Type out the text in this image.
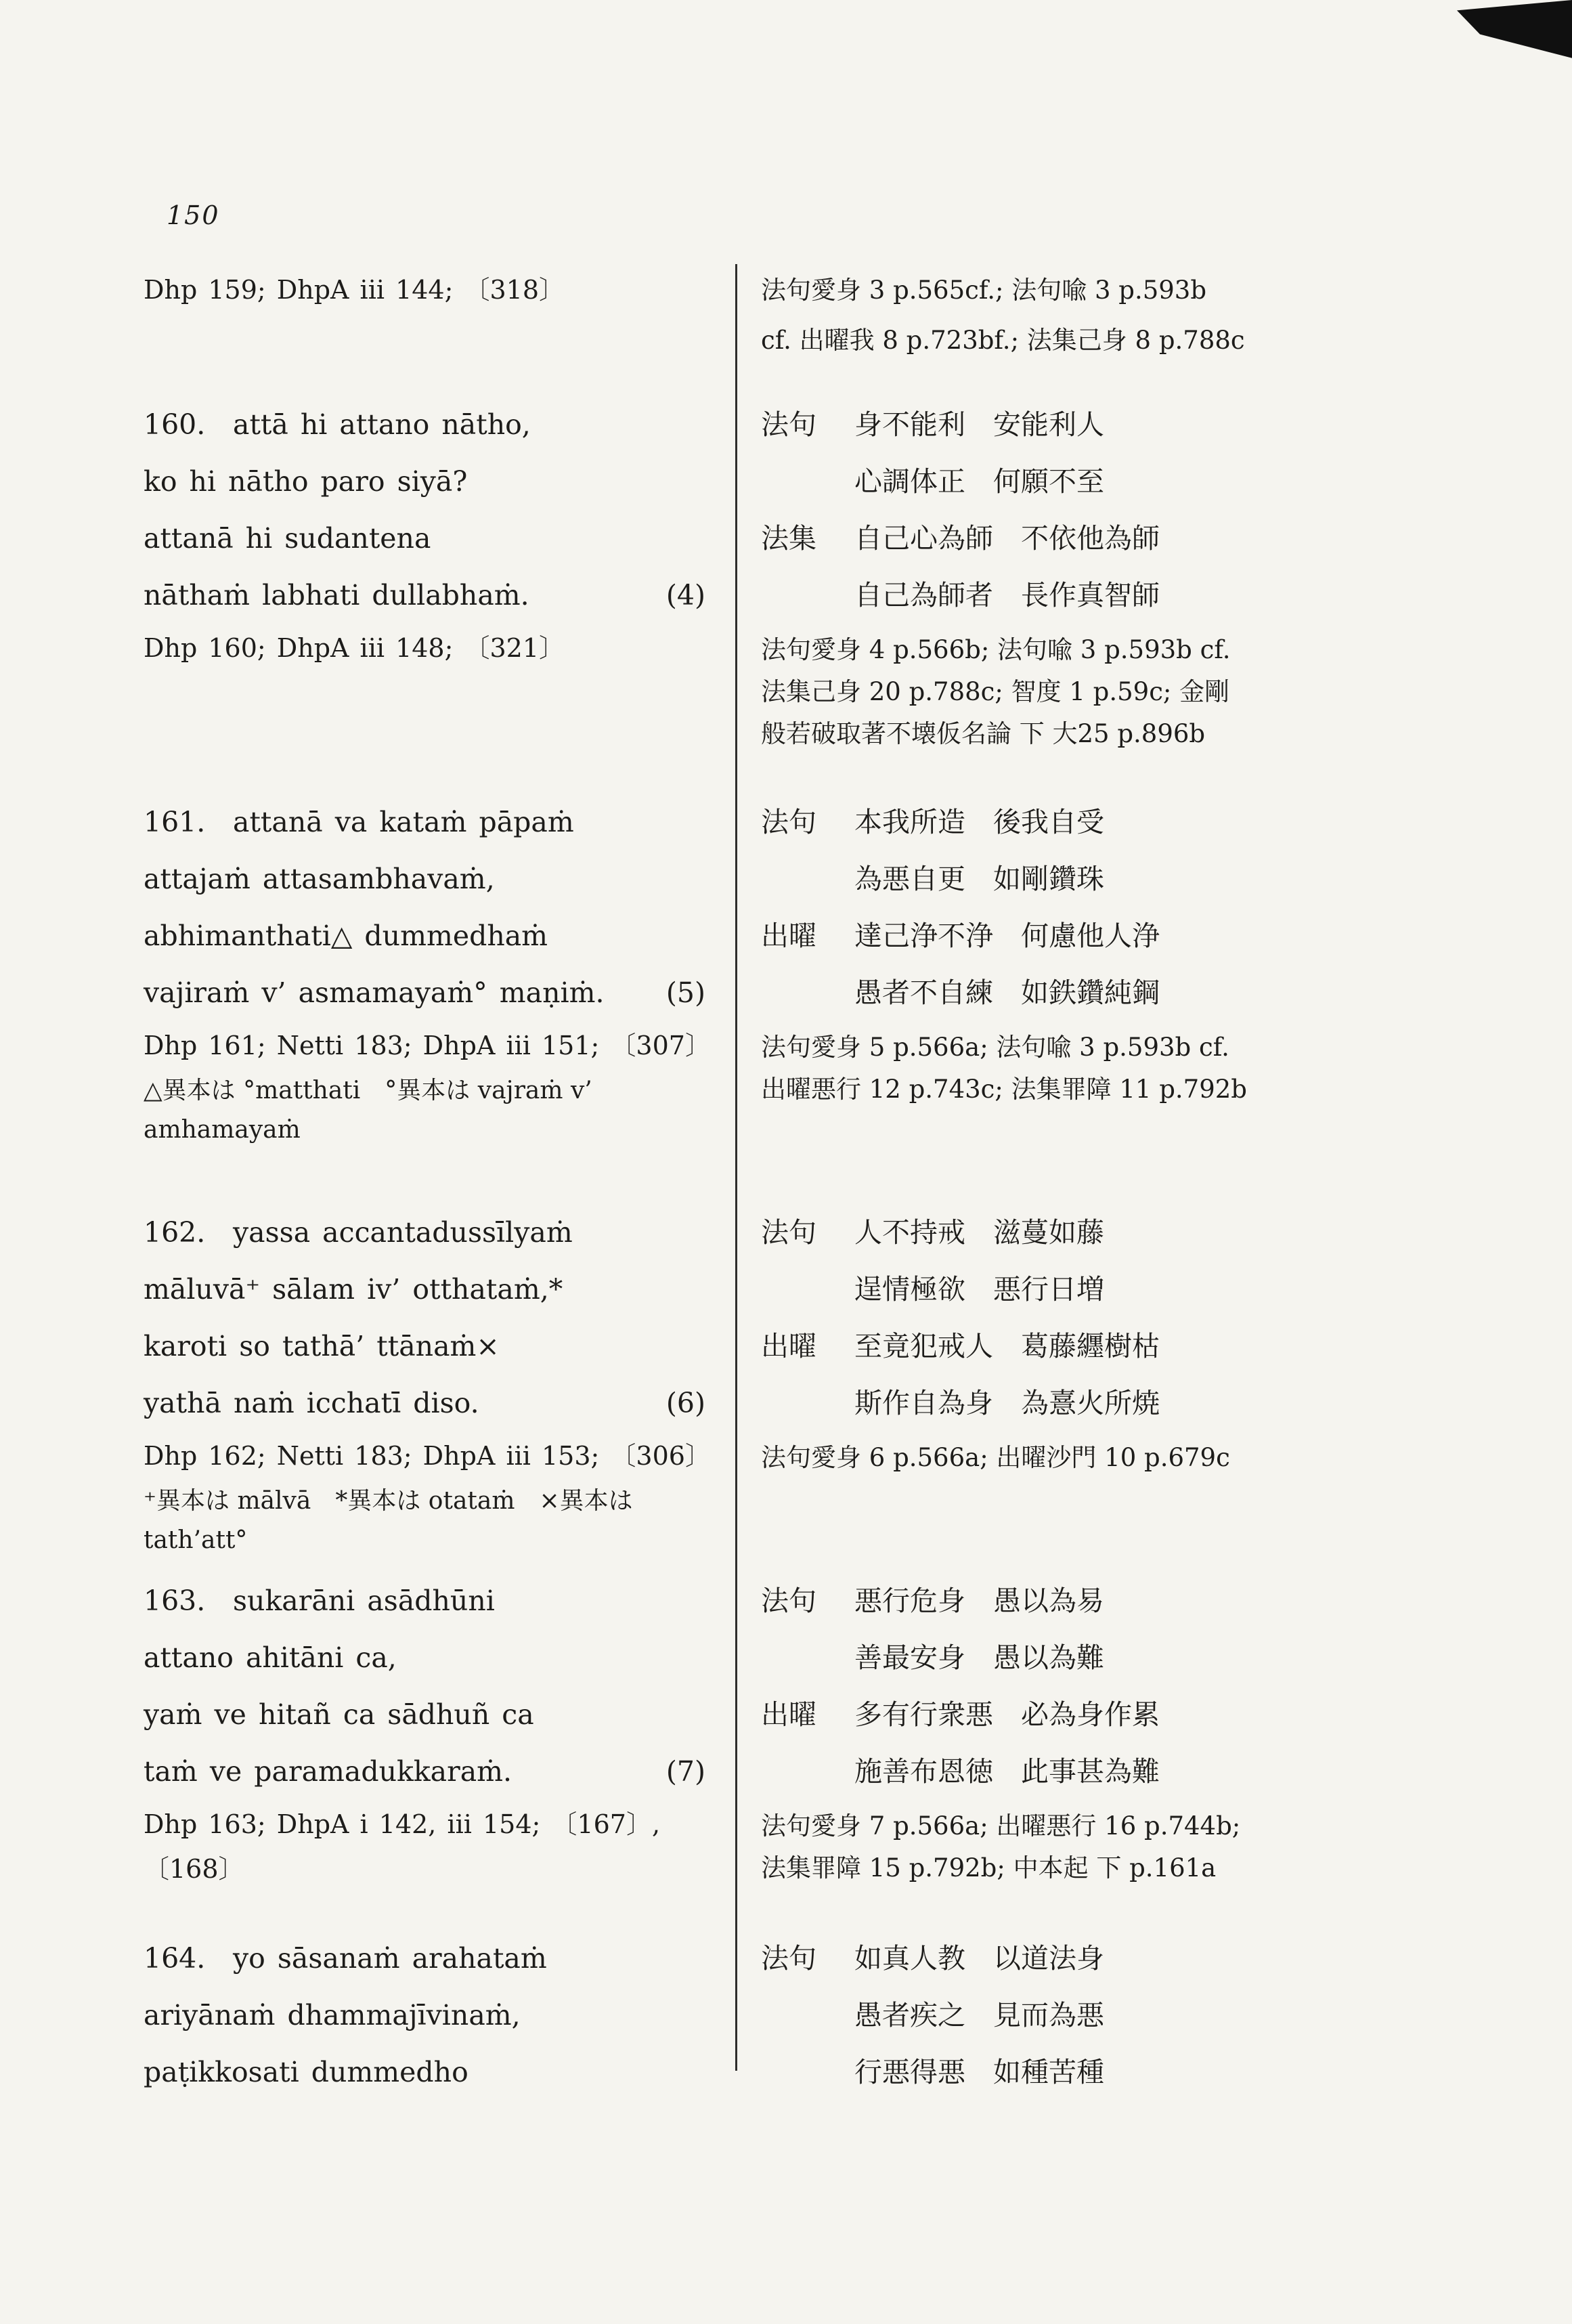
150
Dhp 159; DhpA iii 144; 〔318〕	法句愛身 3 p.565cf.; 法句喩 3 p.593b
cf. 出曜我 8 p.723bf.; 法集己身 8 p.788c
160. attā hi attano nātho,
ko hi nātho paro siyā?
attanā hi sudantena
nāthaṁ labhati dullabhaṁ.	(4)
Dhp 160; DhpA iii 148; 〔321〕
法句 身不能利　安能利人
心調体正　何願不至
法集 自己心為師　不依他為師
自己為師者　長作真智師
法句愛身 4 p.566b; 法句喩 3 p.593b cf.
法集己身 20 p.788c; 智度 1 p.59c; 金剛
般若破取著不壊仮名論 下 大25 p.896b
161. attanā va kataṁ pāpaṁ
attajaṁ attasambhavaṁ,
abhimanthati△ dummedhaṁ
vajiraṁ v’ asmamayaṁ° maṇiṁ. (5)
Dhp 161; Netti 183; DhpA iii 151; 〔307〕
△異本は °matthati　°異本は vajraṁ v’
amhamayaṁ
法句 本我所造　後我自受
為悪自更　如剛鑽珠
出曜 達己浄不浄　何慮他人浄
愚者不自練　如鉄鑽純鋼
法句愛身 5 p.566a; 法句喩 3 p.593b cf.
出曜悪行 12 p.743c; 法集罪障 11 p.792b
162. yassa accantadussīlyaṁ
māluvā⁺ sālam iv’ otthataṁ,*
karoti so tathā’ ttānaṁ×
yathā naṁ icchatī diso.	(6)
Dhp 162; Netti 183; DhpA iii 153; 〔306〕
⁺異本は mālvā　*異本は otataṁ　×異本は
tath’att°
法句 人不持戒　滋蔓如藤
逞情極欲　悪行日増
出曜 至竟犯戒人　葛藤纒樹枯
斯作自為身　為憙火所焼
法句愛身 6 p.566a; 出曜沙門 10 p.679c
163. sukarāni asādhūni
attano ahitāni ca,
yaṁ ve hitañ ca sādhuñ ca
taṁ ve paramadukkaraṁ.	(7)
Dhp 163; DhpA i 142, iii 154; 〔167〕,
〔168〕
法句 悪行危身　愚以為易
善最安身　愚以為難
出曜 多有行衆悪　必為身作累
施善布恩徳　此事甚為難
法句愛身 7 p.566a; 出曜悪行 16 p.744b;
法集罪障 15 p.792b; 中本起 下 p.161a
164. yo sāsanaṁ arahataṁ
ariyānaṁ dhammajīvinaṁ,
paṭikkosati dummedho
法句 如真人教　以道法身
愚者疾之　見而為悪
行悪得悪　如種苦種
